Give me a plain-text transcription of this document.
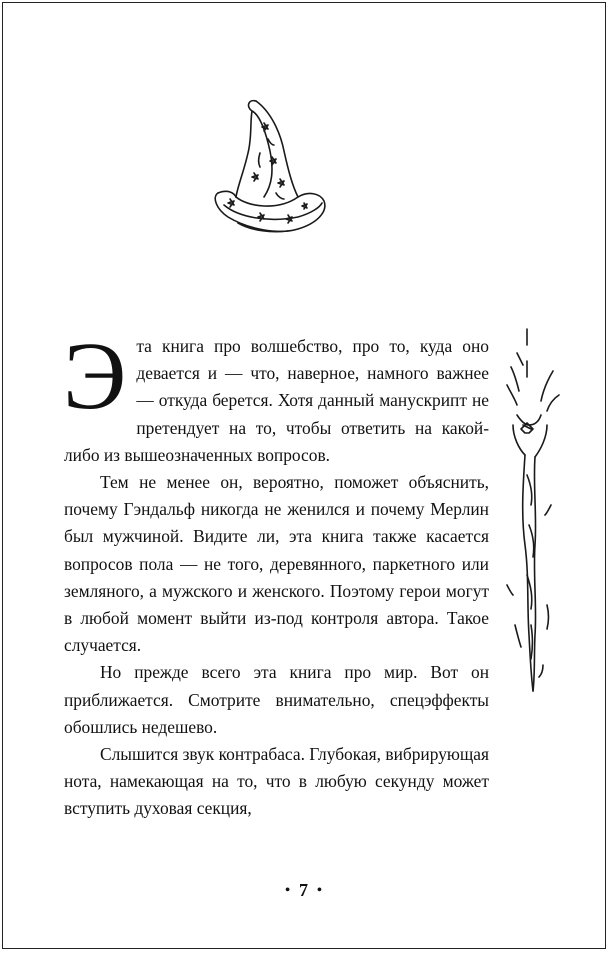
Эта книга про волшебство, про то, куда оно девается и — что, наверное, намного важнее — откуда берется. Хотя данный манускрипт не претендует на то, чтобы ответить на какой-либо из вышеозначенных вопросов.

Тем не менее он, вероятно, поможет объяснить, почему Гэндальф никогда не женился и почему Мерлин был мужчиной. Видите ли, эта книга также касается вопросов пола — не того, деревянного, паркетного или земляного, а мужского и женского. Поэтому герои могут в любой момент выйти из-под контроля автора. Такое случается.

Но прежде всего эта книга про мир. Вот он приближается. Смотрите внимательно, спецэффекты обошлись недешево.

Слышится звук контрабаса. Глубокая, вибрирующая нота, намекающая на то, что в любую секунду может вступить духовая секция,

• 7 •
